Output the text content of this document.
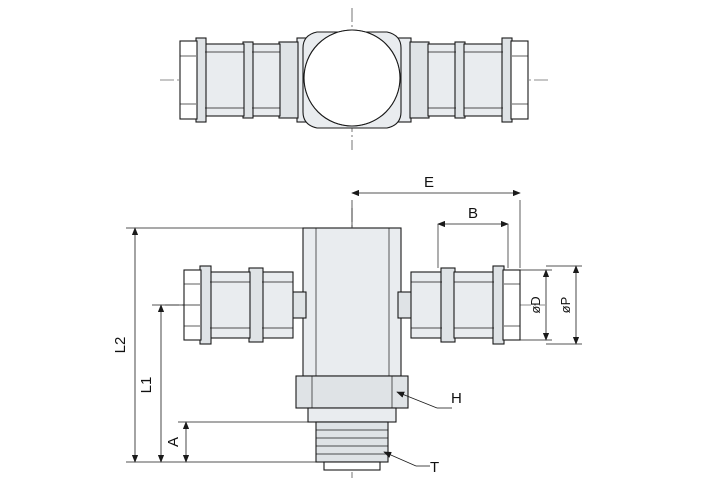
E
B
L2
L1
A
øD øP
H
T
